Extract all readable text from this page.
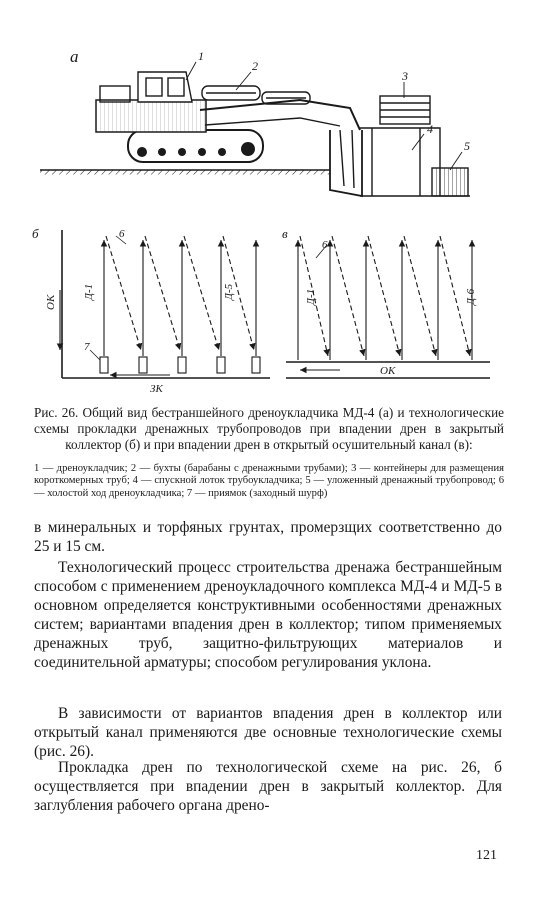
а	1
2
3
4
5
б
ОК
ЗК
7
6
Д-1	Д-5
в
ОК
6
Д-1	Д-6
Рис. 26. Общий вид бестраншейного дреноукладчика МД-4 (а) и технологические схемы прокладки дренажных трубопроводов при впадении дрен в закрытый коллектор (б) и при впадении дрен в открытый осушительный канал (в):
1 — дреноукладчик; 2 — бухты (барабаны с дренажными трубами); 3 — контейнеры для размещения короткомерных труб; 4 — спускной лоток трубоукладчика; 5 — уложенный дренажный трубопровод; 6 — холостой ход дреноукладчика; 7 — приямок (заходный шурф)
в минеральных и торфяных грунтах, промерзщих соответственно до 25 и 15 см.
Технологический процесс строительства дренажа бестраншейным способом с применением дреноукладочного комплекса МД-4 и МД-5 в основном определяется конструктивными особенностями дренажных систем; вариантами впадения дрен в коллектор; типом применяемых дренажных труб, защитно-фильтрующих материалов и соединительной арматуры; способом регулирования уклона.
В зависимости от вариантов впадения дрен в коллектор или открытый канал применяются две основные технологические схемы (рис. 26).
Прокладка дрен по технологической схеме на рис. 26, б осуществляется при впадении дрен в закрытый коллектор. Для заглубления рабочего органа дрено-
121
